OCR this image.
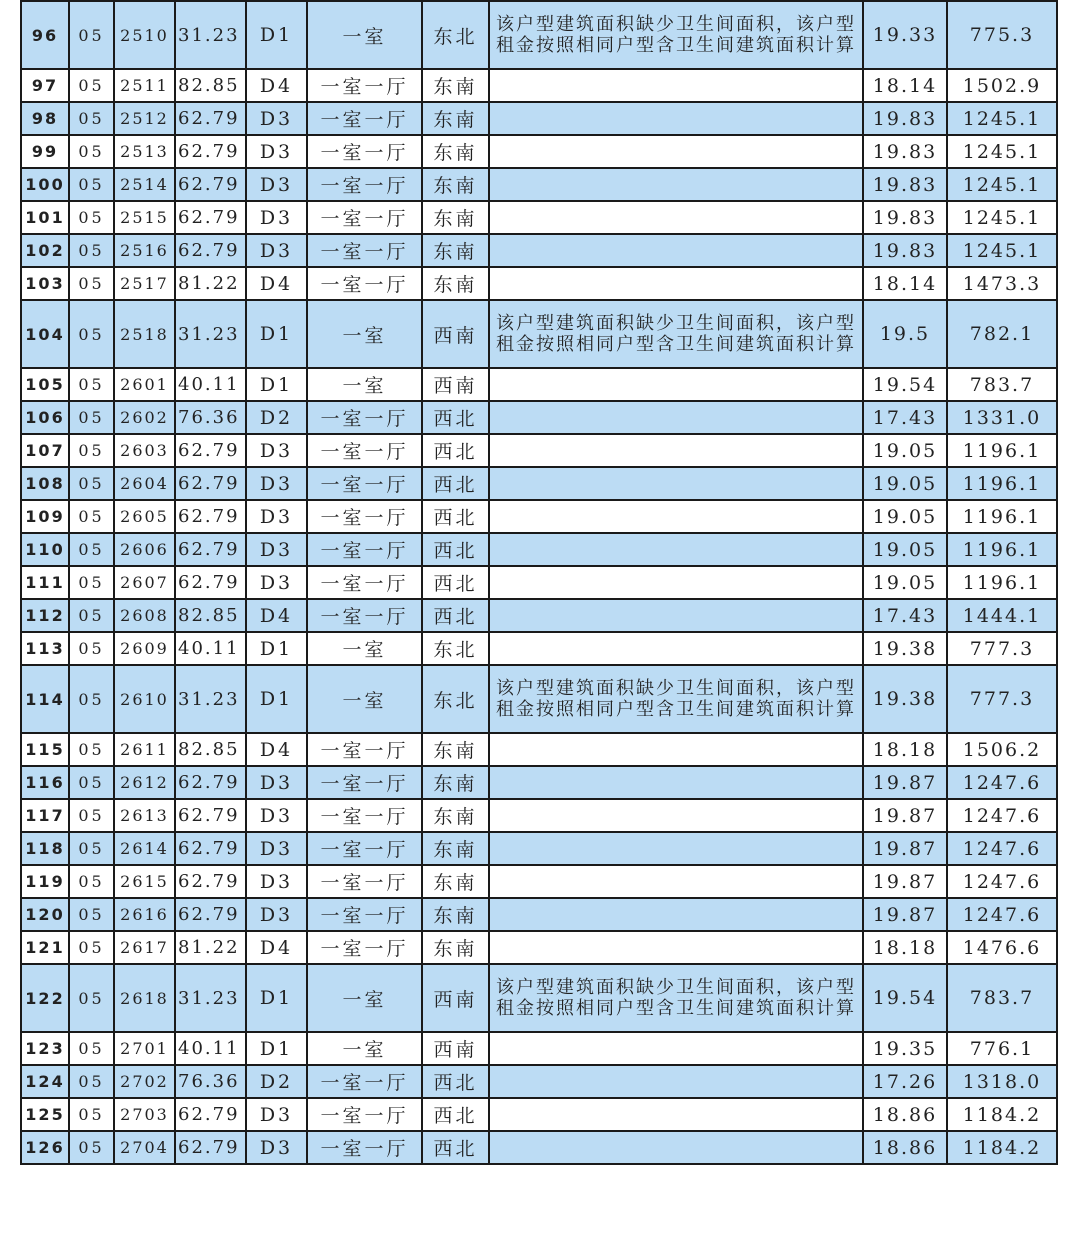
96	05	2510	31.23	D1	一室	东北	该户型建筑面积缺少卫生间面积，该户型租金按照相同户型含卫生间建筑面积计算	19.33	775.3
97	05	2511	82.85	D4	一室一厅	东南		18.14	1502.9
98	05	2512	62.79	D3	一室一厅	东南		19.83	1245.1
99	05	2513	62.79	D3	一室一厅	东南		19.83	1245.1
100	05	2514	62.79	D3	一室一厅	东南		19.83	1245.1
101	05	2515	62.79	D3	一室一厅	东南		19.83	1245.1
102	05	2516	62.79	D3	一室一厅	东南		19.83	1245.1
103	05	2517	81.22	D4	一室一厅	东南		18.14	1473.3
104	05	2518	31.23	D1	一室	西南	该户型建筑面积缺少卫生间面积，该户型租金按照相同户型含卫生间建筑面积计算	19.5	782.1
105	05	2601	40.11	D1	一室	西南		19.54	783.7
106	05	2602	76.36	D2	一室一厅	西北		17.43	1331.0
107	05	2603	62.79	D3	一室一厅	西北		19.05	1196.1
108	05	2604	62.79	D3	一室一厅	西北		19.05	1196.1
109	05	2605	62.79	D3	一室一厅	西北		19.05	1196.1
110	05	2606	62.79	D3	一室一厅	西北		19.05	1196.1
111	05	2607	62.79	D3	一室一厅	西北		19.05	1196.1
112	05	2608	82.85	D4	一室一厅	西北		17.43	1444.1
113	05	2609	40.11	D1	一室	东北		19.38	777.3
114	05	2610	31.23	D1	一室	东北	该户型建筑面积缺少卫生间面积，该户型租金按照相同户型含卫生间建筑面积计算	19.38	777.3
115	05	2611	82.85	D4	一室一厅	东南		18.18	1506.2
116	05	2612	62.79	D3	一室一厅	东南		19.87	1247.6
117	05	2613	62.79	D3	一室一厅	东南		19.87	1247.6
118	05	2614	62.79	D3	一室一厅	东南		19.87	1247.6
119	05	2615	62.79	D3	一室一厅	东南		19.87	1247.6
120	05	2616	62.79	D3	一室一厅	东南		19.87	1247.6
121	05	2617	81.22	D4	一室一厅	东南		18.18	1476.6
122	05	2618	31.23	D1	一室	西南	该户型建筑面积缺少卫生间面积，该户型租金按照相同户型含卫生间建筑面积计算	19.54	783.7
123	05	2701	40.11	D1	一室	西南		19.35	776.1
124	05	2702	76.36	D2	一室一厅	西北		17.26	1318.0
125	05	2703	62.79	D3	一室一厅	西北		18.86	1184.2
126	05	2704	62.79	D3	一室一厅	西北		18.86	1184.2
